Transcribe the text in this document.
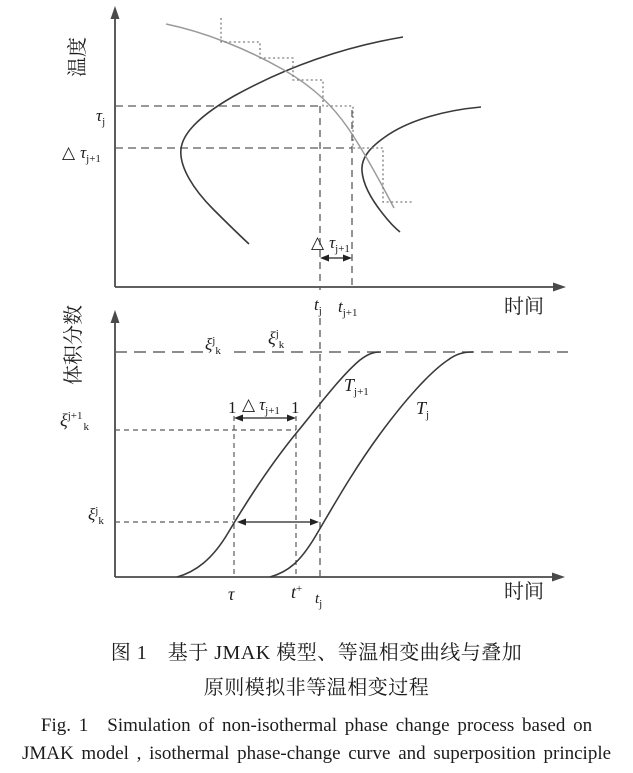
温度
时间
$\tau_j$
△ $\tau_{j+1}$
△ $\tau_{j+1}$
$t_j$ $t_{j+1}$
体积分数
时间
$\xi^j_k$
$\xi^j_k$
$\xi^{j+1}_k$
$\xi^j_k$
1	1
△ $\tau_{j+1}$
$T_{j+1}$
$T_j$
τ	t+
$t_j$
图 1　基于 JMAK 模型、等温相变曲线与叠加
原则模拟非等温相变过程
Fig. 1　Simulation of non-isothermal phase change process based on
JMAK model , isothermal phase-change curve and superposition principle
